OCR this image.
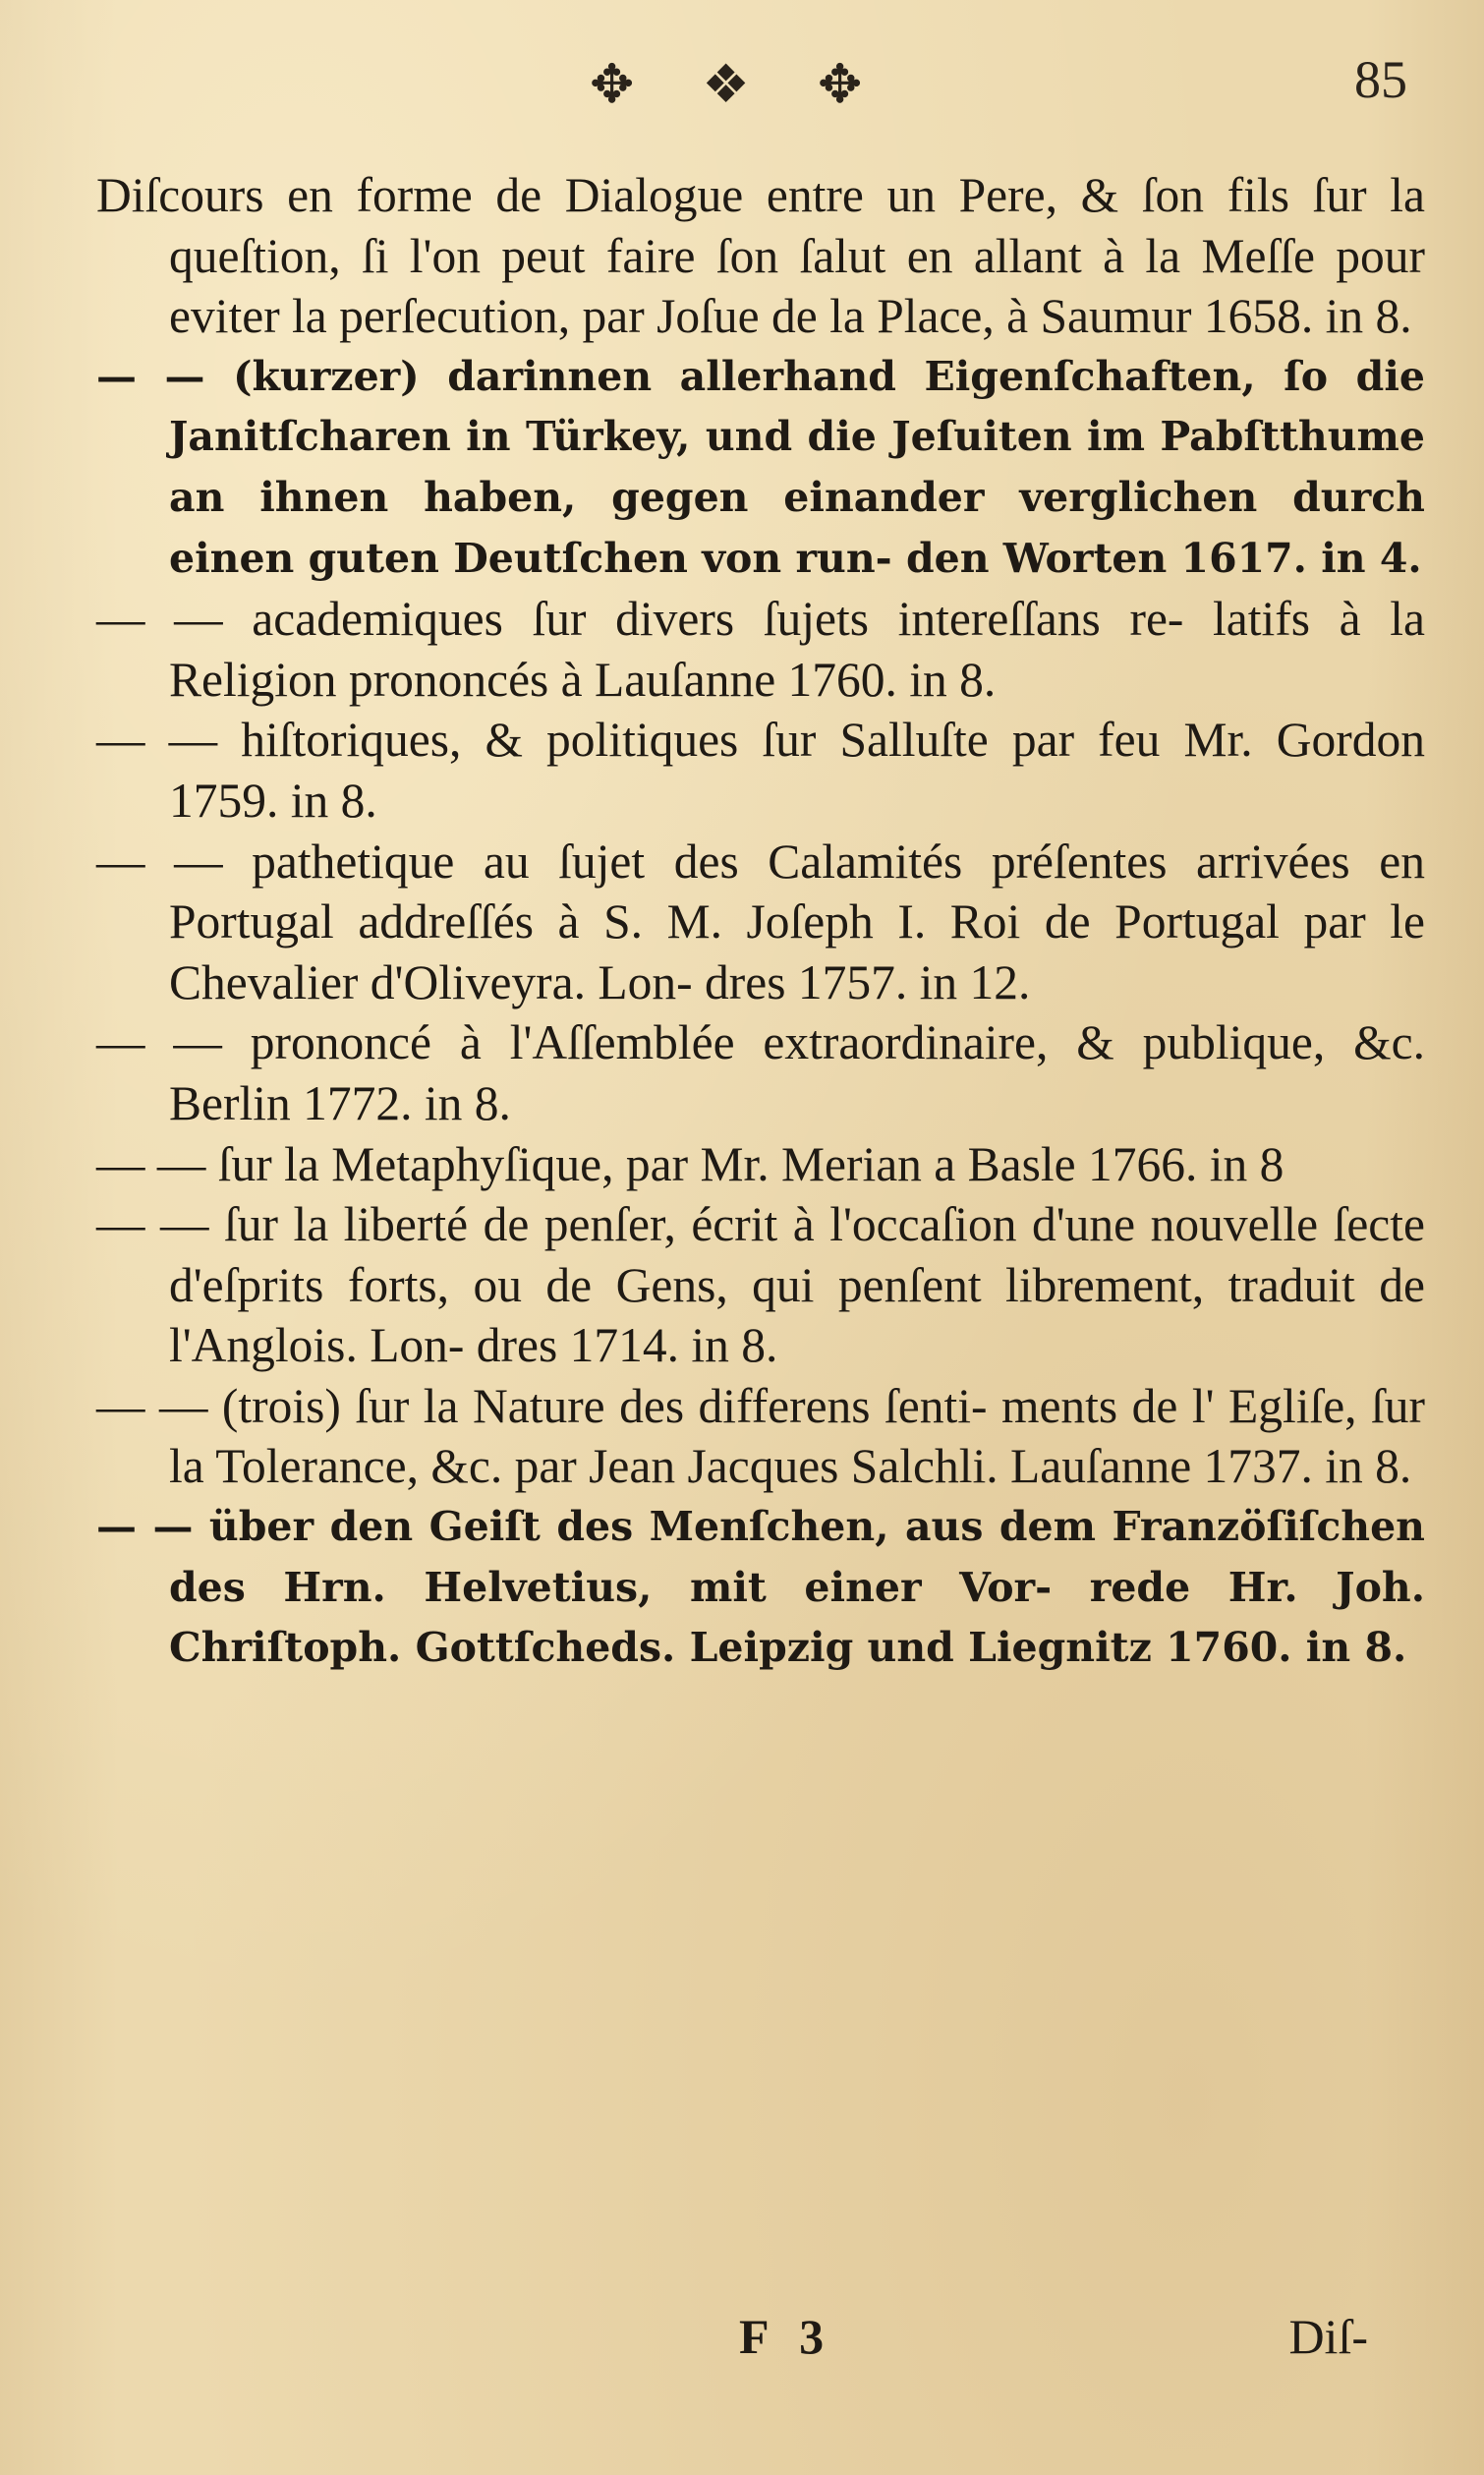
✥ ❖ ✥	85
Diſcours en forme de Dialogue entre un Pere, & ſon fils ſur la queſtion, ſi l'on peut faire ſon ſalut en allant à la Meſſe pour eviter la perſecution, par Joſue de la Place, à Saumur 1658. in 8.
— — (kurzer) darinnen allerhand Eigenſchaften, ſo die Janitſcharen in Türkey, und die Jeſuiten im Pabſtthume an ihnen haben, gegen einander verglichen durch einen guten Deutſchen von run- den Worten 1617. in 4.
— — academiques ſur divers ſujets intereſſans re- latifs à la Religion prononcés à Lauſanne 1760. in 8.
— — hiſtoriques, & politiques ſur Salluſte par feu Mr. Gordon 1759. in 8.
— — pathetique au ſujet des Calamités préſentes arrivées en Portugal addreſſés à S. M. Joſeph I. Roi de Portugal par le Chevalier d'Oliveyra. Lon- dres 1757. in 12.
— — prononcé à l'Aſſemblée extraordinaire, & publique, &c. Berlin 1772. in 8.
— — ſur la Metaphyſique, par Mr. Merian a Basle 1766. in 8
— — ſur la liberté de penſer, écrit à l'occaſion d'une nouvelle ſecte d'eſprits forts, ou de Gens, qui penſent librement, traduit de l'Anglois. Lon- dres 1714. in 8.
— — (trois) ſur la Nature des differens ſenti- ments de l' Egliſe, ſur la Tolerance, &c. par Jean Jacques Salchli. Lauſanne 1737. in 8.
— — über den Geiſt des Menſchen, aus dem Franzöſiſchen des Hrn. Helvetius, mit einer Vor- rede Hr. Joh. Chriſtoph. Gottſcheds. Leipzig und Liegnitz 1760. in 8.
F 3	Diſ-
